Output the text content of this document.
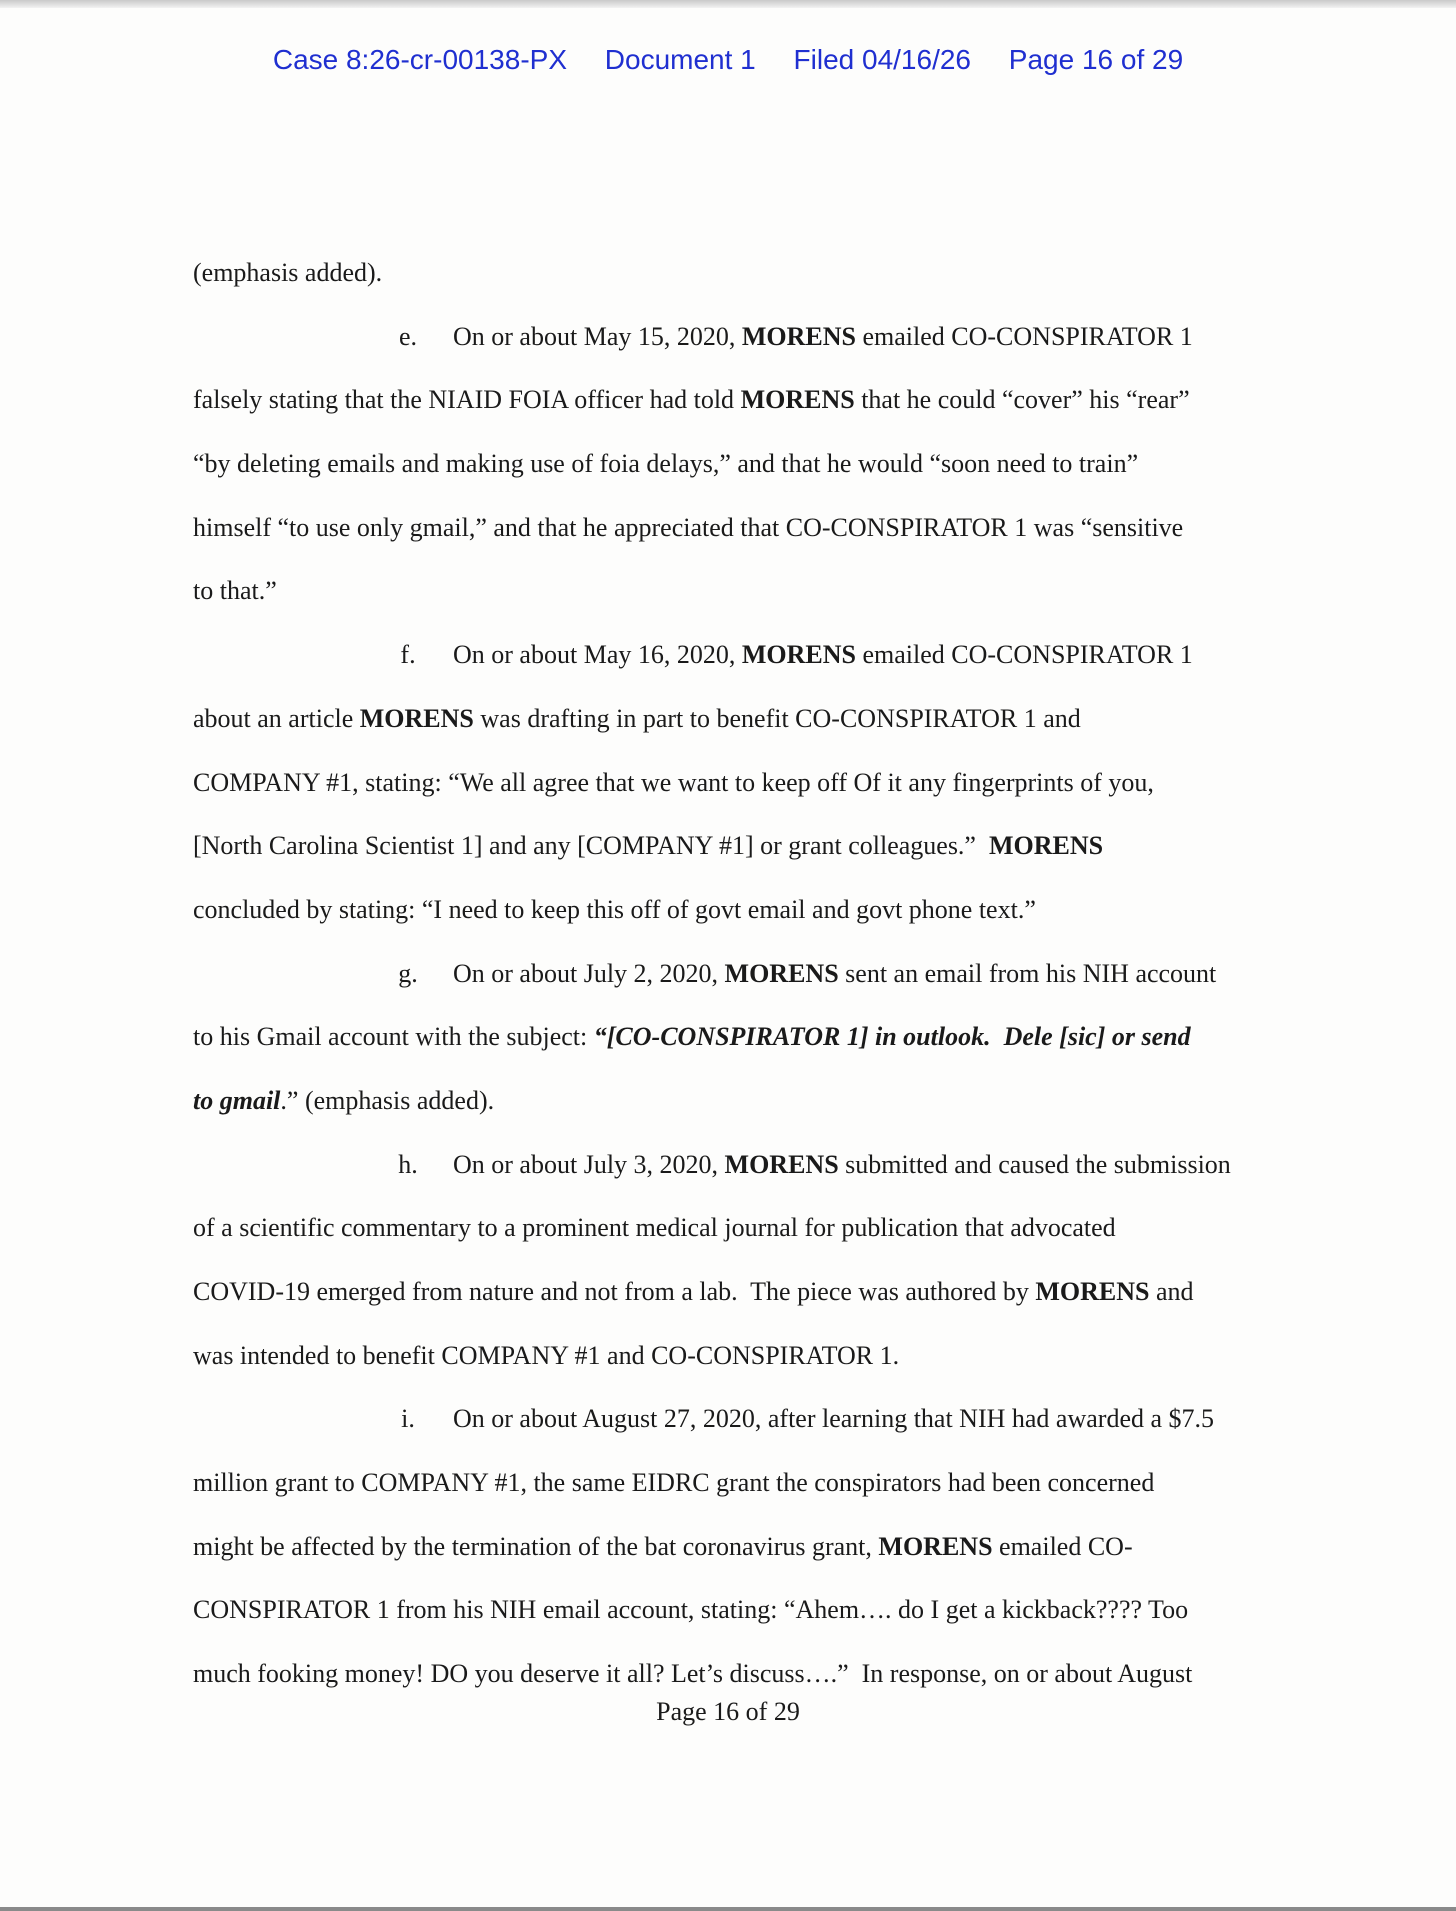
Case 8:26-cr-00138-PX Document 1 Filed 04/16/26 Page 16 of 29
(emphasis added).
e. On or about May 15, 2020, MORENS emailed CO-CONSPIRATOR 1
falsely stating that the NIAID FOIA officer had told MORENS that he could “cover” his “rear”
“by deleting emails and making use of foia delays,” and that he would “soon need to train”
himself “to use only gmail,” and that he appreciated that CO-CONSPIRATOR 1 was “sensitive
to that.”
f. On or about May 16, 2020, MORENS emailed CO-CONSPIRATOR 1
about an article MORENS was drafting in part to benefit CO-CONSPIRATOR 1 and
COMPANY #1, stating: “We all agree that we want to keep off Of it any fingerprints of you,
[North Carolina Scientist 1] and any [COMPANY #1] or grant colleagues.”  MORENS
concluded by stating: “I need to keep this off of govt email and govt phone text.”
g. On or about July 2, 2020, MORENS sent an email from his NIH account
to his Gmail account with the subject: “[CO-CONSPIRATOR 1] in outlook.  Dele [sic] or send
to gmail.” (emphasis added).
h. On or about July 3, 2020, MORENS submitted and caused the submission
of a scientific commentary to a prominent medical journal for publication that advocated
COVID-19 emerged from nature and not from a lab.  The piece was authored by MORENS and
was intended to benefit COMPANY #1 and CO-CONSPIRATOR 1.
i. On or about August 27, 2020, after learning that NIH had awarded a $7.5
million grant to COMPANY #1, the same EIDRC grant the conspirators had been concerned
might be affected by the termination of the bat coronavirus grant, MORENS emailed CO-
CONSPIRATOR 1 from his NIH email account, stating: “Ahem…. do I get a kickback???? Too
much fooking money! DO you deserve it all? Let’s discuss….”  In response, on or about August
Page 16 of 29
